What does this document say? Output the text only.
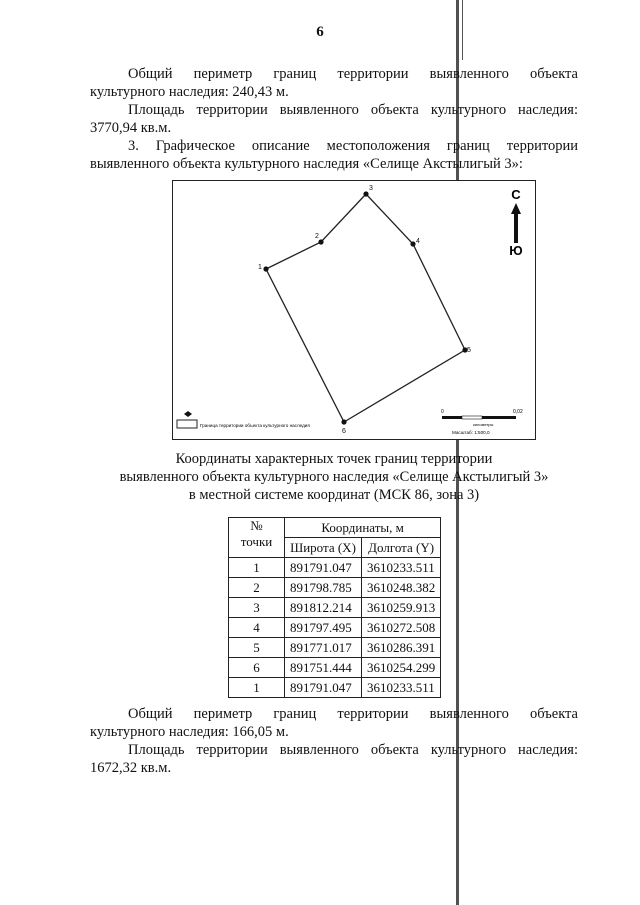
6
Общий периметр границ территории выявленного объекта
культурного наследия: 240,43 м.
Площадь территории выявленного объекта культурного наследия:
3770,94 кв.м.
3. Графическое описание местоположения границ территории
выявленного объекта культурного наследия «Селище Акстылигый 3»:
1
2
3
4
5
6
С
Ю
Граница территории объекта культурного наследия
0	0,02
километры
Масштаб: 1:500,0
Координаты характерных точек границ территории
выявленного объекта культурного наследия «Селище Акстылигый 3»
в местной системе координат (МСК 86, зона 3)
№ точки	Координаты, м	
	Широта (X)	Долгота (Y)
1	891791.047	3610233.511
2	891798.785	3610248.382
3	891812.214	3610259.913
4	891797.495	3610272.508
5	891771.017	3610286.391
6	891751.444	3610254.299
1	891791.047	3610233.511
Общий периметр границ территории выявленного объекта
культурного наследия: 166,05 м.
Площадь территории выявленного объекта культурного наследия:
1672,32 кв.м.
